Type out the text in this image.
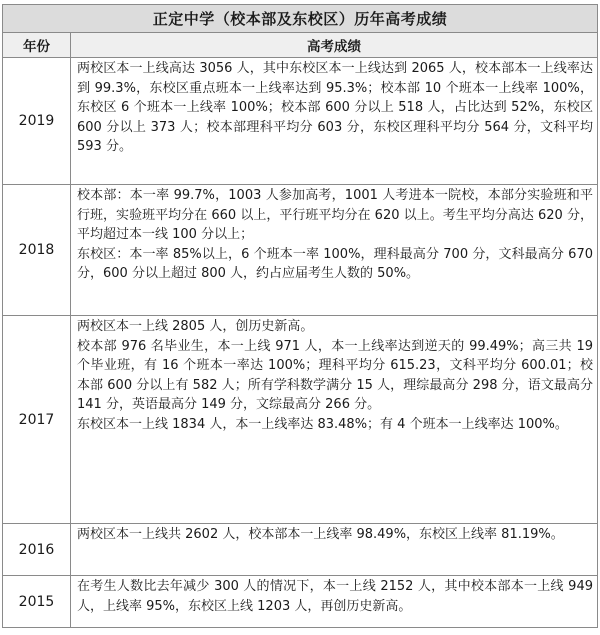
正定中学（校本部及东校区）历年高考成绩	
年份	高考成绩
2019	两校区本一上线高达 3056 人，其中东校区本一上线达到 2065 人，校本部本一上线率达到 99.3%，东校区重点班本一上线率达到 95.3%；校本部 10 个班本一上线率 100%，东校区 6 个班本一上线率 100%；校本部 600 分以上 518 人，占比达到 52%，东校区 600 分以上 373 人；校本部理科平均分 603 分，东校区理科平均分 564 分，文科平均 593 分。

2018	校本部：本一率 99.7%，1003 人参加高考，1001 人考进本一院校，本部分实验班和平行班，实验班平均分在 660 以上，平行班平均分在 620 以上。考生平均分高达 620 分，平均超过本一线 100 分以上；

东校区：本一率 85%以上，6 个班本一率 100%，理科最高分 700 分，文科最高分 670 分，600 分以上超过 800 人，约占应届考生人数的 50%。

2017	两校区本一上线 2805 人，创历史新高。

校本部 976 名毕业生，本一上线 971 人，本一上线率达到逆天的 99.49%；高三共 19 个毕业班，有 16 个班本一率达 100%；理科平均分 615.23，文科平均分 600.01；校本部 600 分以上有 582 人；所有学科数学满分 15 人，理综最高分 298 分，语文最高分 141 分，英语最高分 149 分，文综最高分 266 分。

东校区本一上线 1834 人，本一上线率达 83.48%；有 4 个班本一上线率达 100%。

2016	两校区本一上线共 2602 人，校本部本一上线率 98.49%，东校区上线率 81.19%。

2015	在考生人数比去年减少 300 人的情况下，本一上线 2152 人，其中校本部本一上线 949 人，上线率 95%，东校区上线 1203 人，再创历史新高。
